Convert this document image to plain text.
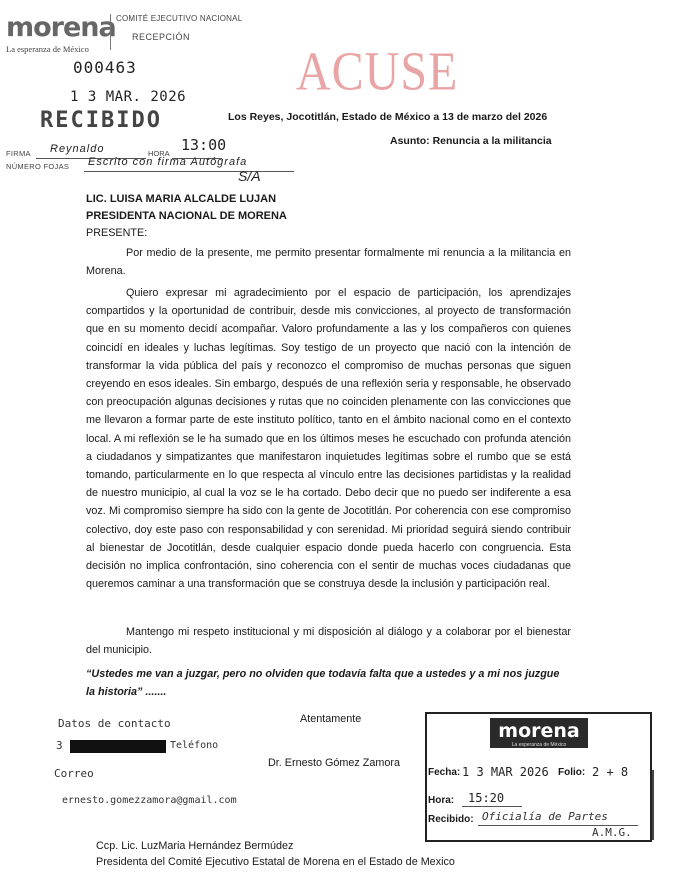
morena
La esperanza de México
COMITÉ EJECUTIVO NACIONAL
RECEPCIÓN
000463
1 3 MAR. 2026
RECIBIDO
ACUSE
FIRMA Reynaldo	HORA 13:00
NÚMERO FOJAS Escrito con firma Autógrafa
S/A
Los Reyes, Jocotitlán, Estado de México a 13 de marzo del 2026
Asunto: Renuncia a la militancia
LIC. LUISA MARIA ALCALDE LUJAN
PRESIDENTA NACIONAL DE MORENA
PRESENTE:
Por medio de la presente, me permito presentar formalmente mi renuncia a la militancia en Morena.
Quiero expresar mi agradecimiento por el espacio de participación, los aprendizajes compartidos y la oportunidad de contribuir, desde mis convicciones, al proyecto de transformación que en su momento decidí acompañar. Valoro profundamente a las y los compañeros con quienes coincidí en ideales y luchas legítimas. Soy testigo de un proyecto que nació con la intención de transformar la vida pública del país y reconozco el compromiso de muchas personas que siguen creyendo en esos ideales. Sin embargo, después de una reflexión seria y responsable, he observado con preocupación algunas decisiones y rutas que no coinciden plenamente con las convicciones que me llevaron a formar parte de este instituto político, tanto en el ámbito nacional como en el contexto local. A mi reflexión se le ha sumado que en los últimos meses he escuchado con profunda atención a ciudadanos y simpatizantes que manifestaron inquietudes legítimas sobre el rumbo que se está tomando, particularmente en lo que respecta al vínculo entre las decisiones partidistas y la realidad de nuestro municipio, al cual la voz se le ha cortado. Debo decir que no puedo ser indiferente a esa voz. Mi compromiso siempre ha sido con la gente de Jocotitlán. Por coherencia con ese compromiso colectivo, doy este paso con responsabilidad y con serenidad. Mi prioridad seguirá siendo contribuir al bienestar de Jocotitlán, desde cualquier espacio donde pueda hacerlo con congruencia. Esta decisión no implica confrontación, sino coherencia con el sentir de muchas voces ciudadanas que queremos caminar a una transformación que se construya desde la inclusión y participación real.
Mantengo mi respeto institucional y mi disposición al diálogo y a colaborar por el bienestar del municipio.
“Ustedes me van a juzgar, pero no olviden que todavía falta que a ustedes y a mi nos juzgue la historia” .......
Atentamente
Dr. Ernesto Gómez Zamora
Datos de contacto
3	Teléfono
Correo
ernesto.gomezzamora@gmail.com
morena
La esperanza de México
Fecha: 1 3 MAR 2026 Folio: 2 + 8
Hora: 15:20
Recibido: Oficialía de Partes
A.M.G.
Ccp. Lic. LuzMaria Hernández Bermúdez
Presidenta del Comité Ejecutivo Estatal de Morena en el Estado de Mexico
